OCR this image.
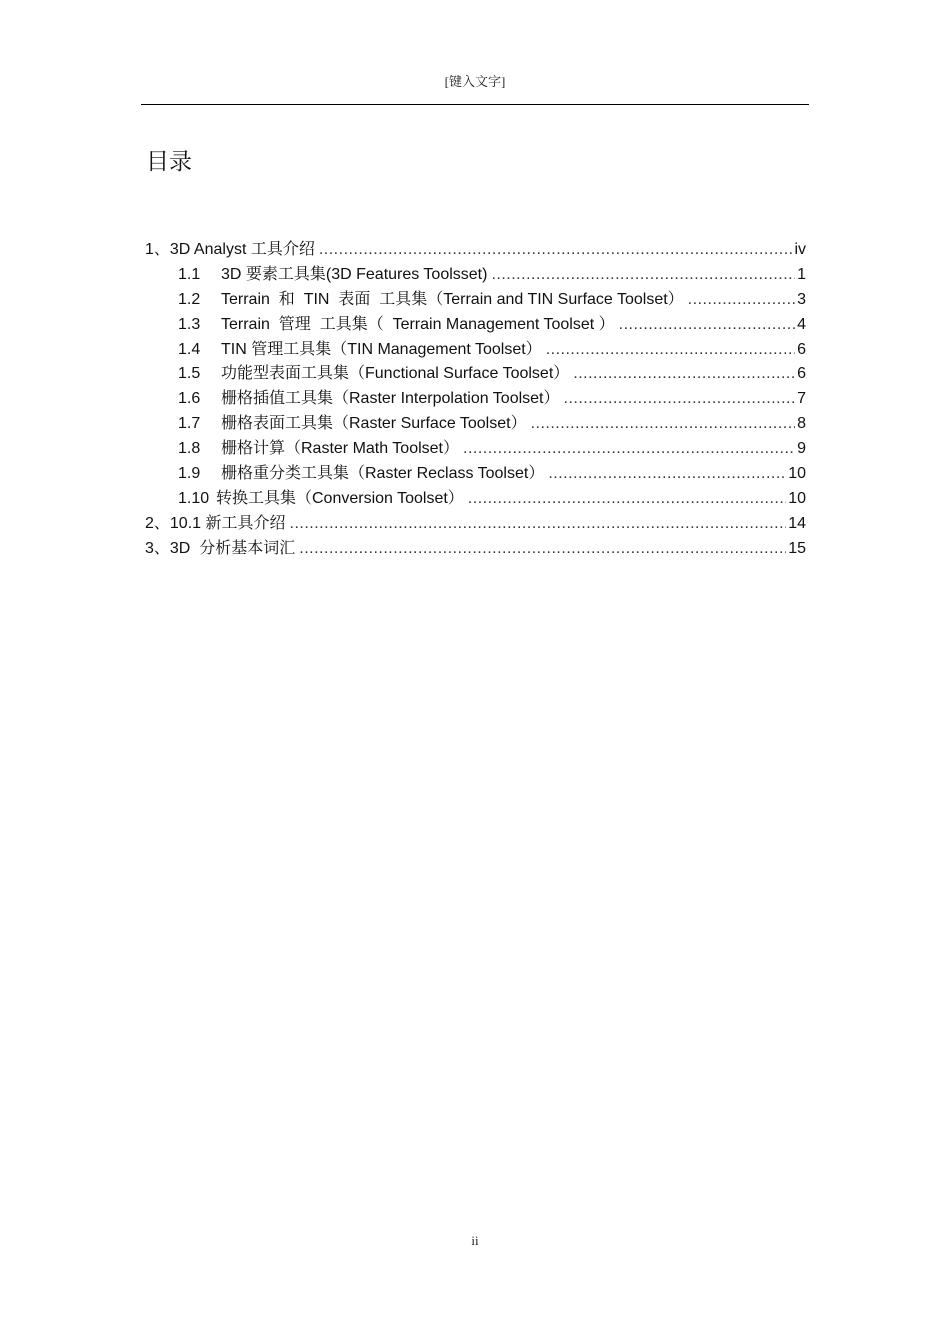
[键入文字]
目录
1、 3D Analyst 工具介绍 .....	iv
1.1	3D 要素工具集(3D Features Toolsset) .....	1
1.2	Terrain  和  TIN  表面  工具集（Terrain and TIN Surface Toolset） .....	3
1.3	Terrain  管理  工具集（  Terrain Management Toolset ） .....	4
1.4	TIN 管理工具集（TIN Management Toolset） .....	6
1.5	功能型表面工具集（Functional Surface Toolset） .....	6
1.6	栅格插值工具集（Raster Interpolation Toolset） .....	7
1.7	栅格表面工具集（Raster Surface Toolset） .....	8
1.8	栅格计算（Raster Math Toolset） .....	9
1.9	栅格重分类工具集（Raster Reclass Toolset） .....	10
1.10 转换工具集（Conversion Toolset） .....	10
2、 10.1 新工具介绍 .....	14
3、 3D  分析基本词汇 .....	15
ii
